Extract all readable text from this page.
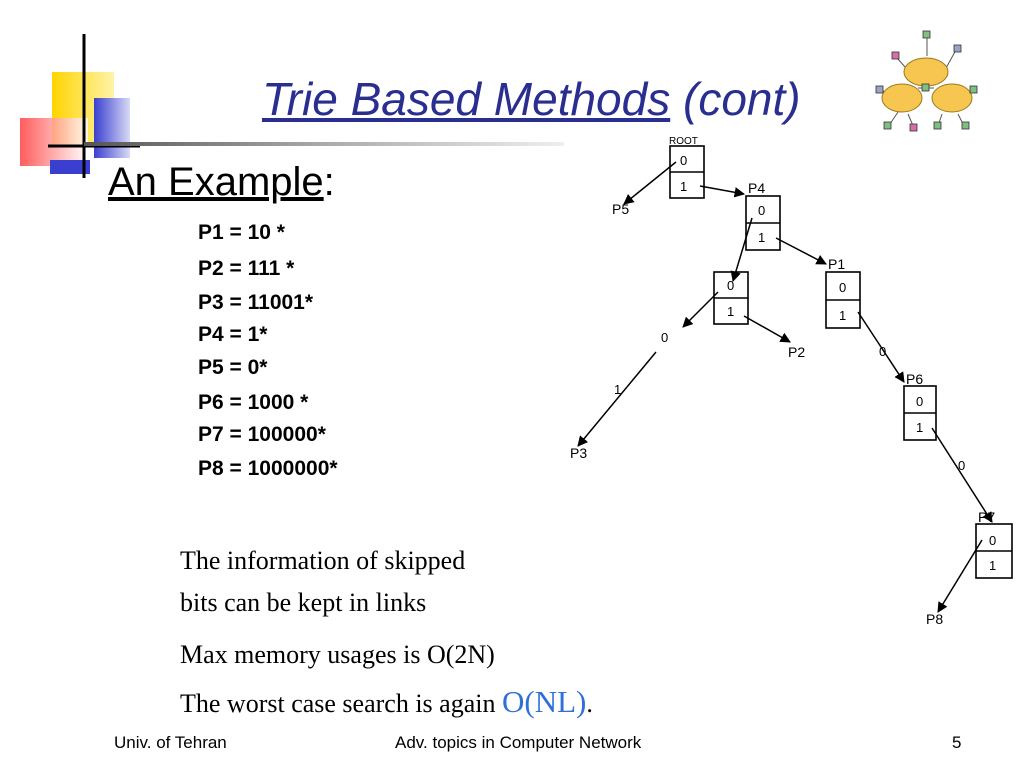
Trie Based Methods (cont)
An Example:
P1 = 10 *
P2 = 111 *
P3 = 11001*
P4 = 1*
P5 = 0*
P6 = 1000 *
P7 = 100000*
P8 = 1000000*
ROOT
P4
P1
P6
P7
P5
P2
P3
P8
0
1
0
1
0
1
0
1
0
1
0
1
0
0
0
1
The information of skipped
bits can be kept in links
Max memory usages is O(2N)
The worst case search is again O(NL).
Univ. of Tehran	Adv. topics in Computer Network	5
